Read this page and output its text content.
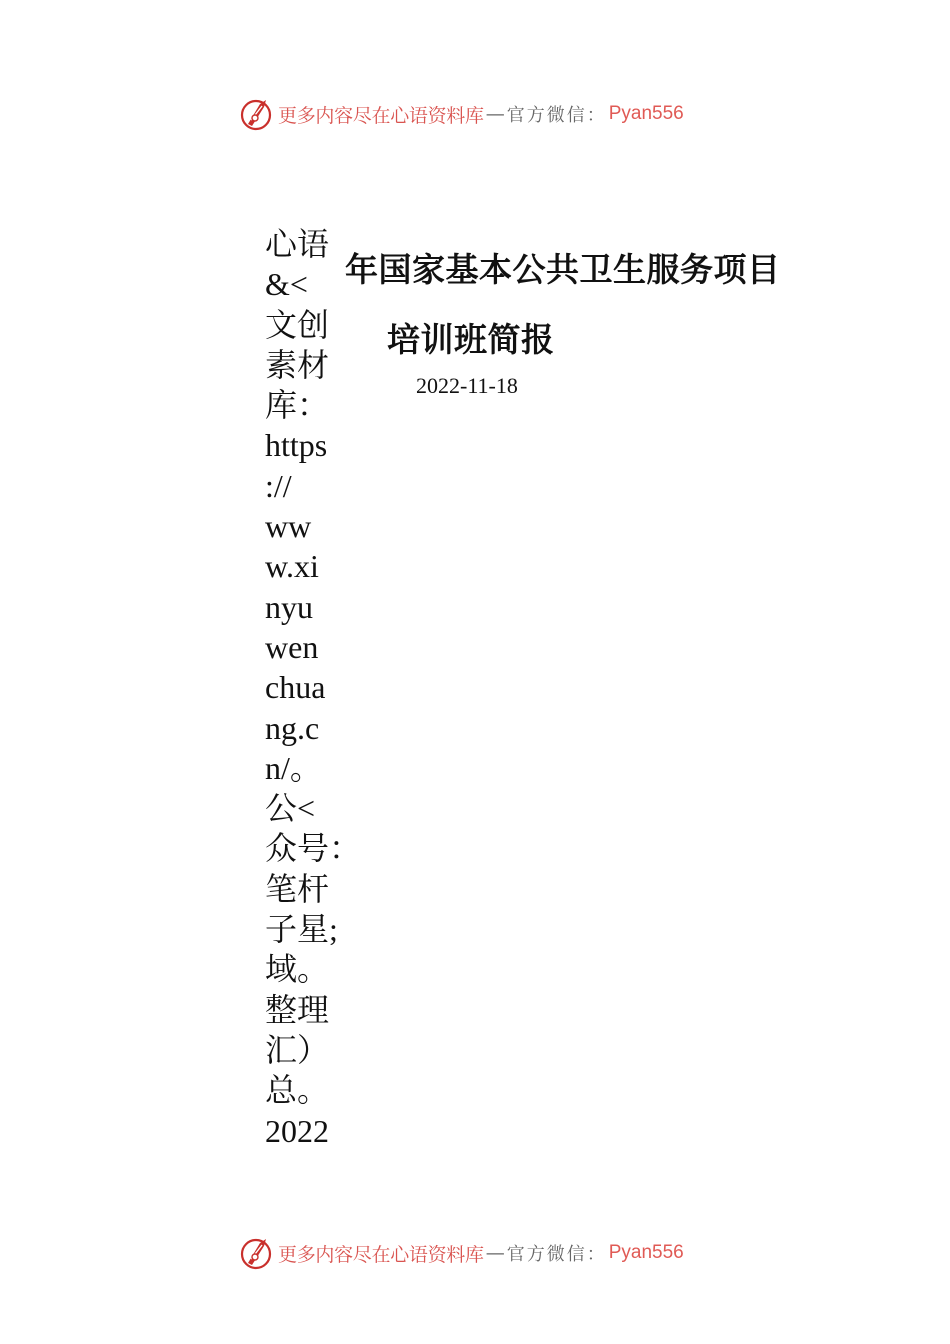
更多内容尽在心语资料库 — 官方微信： Pyan556
心语
&<
文创
素材
库：
https
://
ww
w.xi
nyu
wen
chua
ng.c
n/。
公<
众号：
笔杆
子星;
域。
整理
汇）
总。
2022
年国家基本公共卫生服务项目
培训班简报
2022-11-18
更多内容尽在心语资料库 — 官方微信： Pyan556
